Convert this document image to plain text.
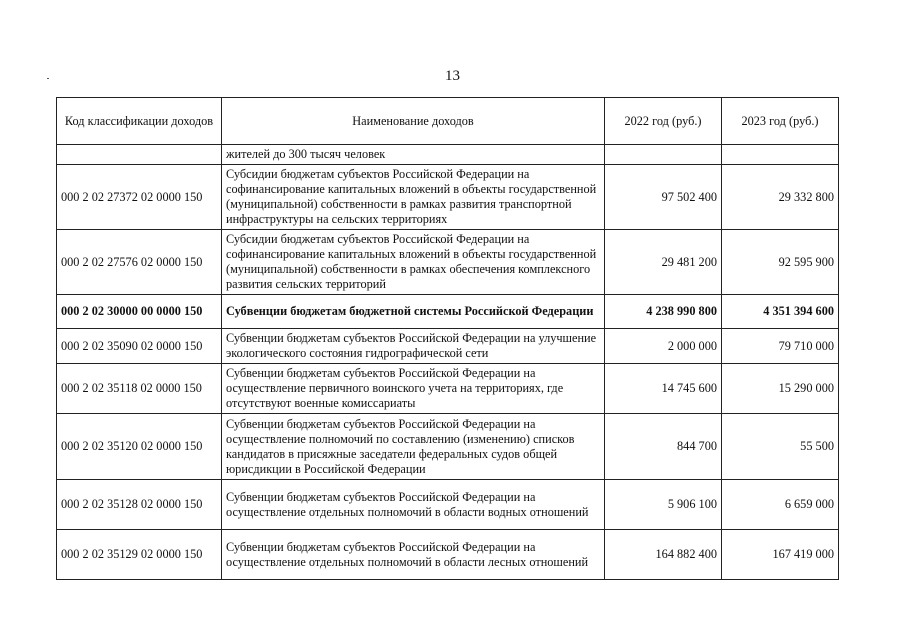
13
Код классификации доходов	Наименование доходов	2022 год (руб.)	2023 год (руб.)
	жителей до 300 тысяч человек		
000 2 02 27372 02 0000 150	Субсидии бюджетам субъектов Российской Федерации на софинансирование капитальных вложений в объекты государственной (муниципальной) собственности в рамках развития транспортной инфраструктуры на сельских территориях	97 502 400	29 332 800
000 2 02 27576 02 0000 150	Субсидии бюджетам субъектов Российской Федерации на софинансирование капитальных вложений в объекты государственной (муниципальной) собственности в рамках обеспечения комплексного развития сельских территорий	29 481 200	92 595 900
000 2 02 30000 00 0000 150	Субвенции бюджетам бюджетной системы Российской Федерации	4 238 990 800	4 351 394 600
000 2 02 35090 02 0000 150	Субвенции бюджетам субъектов Российской Федерации на улучшение экологического состояния гидрографической сети	2 000 000	79 710 000
000 2 02 35118 02 0000 150	Субвенции бюджетам субъектов Российской Федерации на осуществление первичного воинского учета на территориях, где отсутствуют военные комиссариаты	14 745 600	15 290 000
000 2 02 35120 02 0000 150	Субвенции бюджетам субъектов Российской Федерации на осуществление полномочий по составлению (изменению) списков кандидатов в присяжные заседатели федеральных судов общей юрисдикции в Российской Федерации	844 700	55 500
000 2 02 35128 02 0000 150	Субвенции бюджетам субъектов Российской Федерации на осуществление отдельных полномочий в области водных отношений	5 906 100	6 659 000
000 2 02 35129 02 0000 150	Субвенции бюджетам субъектов Российской Федерации на осуществление отдельных полномочий в области лесных отношений	164 882 400	167 419 000
